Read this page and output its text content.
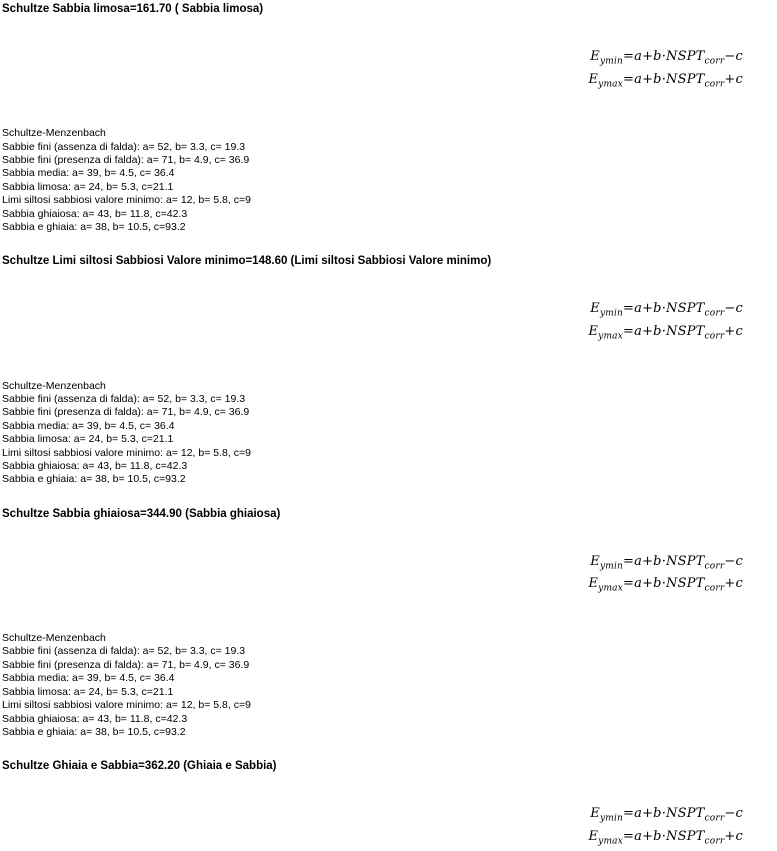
Schultze Sabbia limosa=161.70 ( Sabbia limosa)
$E_{ymin}=a+b\cdot NSPT_{corr}-c$
$E_{ymax}=a+b\cdot NSPT_{corr}+c$
Schultze-Menzenbach
Sabbie fini (assenza di falda): a= 52, b= 3.3, c= 19.3
Sabbie fini (presenza di falda): a= 71, b= 4.9, c= 36.9
Sabbia media: a= 39, b= 4.5, c= 36.4
Sabbia limosa: a= 24, b= 5.3, c=21.1
Limi siltosi sabbiosi valore minimo: a= 12, b= 5.8, c=9
Sabbia ghiaiosa: a= 43, b= 11.8, c=42.3
Sabbia e ghiaia: a= 38, b= 10.5, c=93.2
Schultze Limi siltosi Sabbiosi Valore minimo=148.60 (Limi siltosi Sabbiosi Valore minimo)
$E_{ymin}=a+b\cdot NSPT_{corr}-c$
$E_{ymax}=a+b\cdot NSPT_{corr}+c$
Schultze-Menzenbach
Sabbie fini (assenza di falda): a= 52, b= 3.3, c= 19.3
Sabbie fini (presenza di falda): a= 71, b= 4.9, c= 36.9
Sabbia media: a= 39, b= 4.5, c= 36.4
Sabbia limosa: a= 24, b= 5.3, c=21.1
Limi siltosi sabbiosi valore minimo: a= 12, b= 5.8, c=9
Sabbia ghiaiosa: a= 43, b= 11.8, c=42.3
Sabbia e ghiaia: a= 38, b= 10.5, c=93.2
Schultze Sabbia ghiaiosa=344.90 (Sabbia ghiaiosa)
$E_{ymin}=a+b\cdot NSPT_{corr}-c$
$E_{ymax}=a+b\cdot NSPT_{corr}+c$
Schultze-Menzenbach
Sabbie fini (assenza di falda): a= 52, b= 3.3, c= 19.3
Sabbie fini (presenza di falda): a= 71, b= 4.9, c= 36.9
Sabbia media: a= 39, b= 4.5, c= 36.4
Sabbia limosa: a= 24, b= 5.3, c=21.1
Limi siltosi sabbiosi valore minimo: a= 12, b= 5.8, c=9
Sabbia ghiaiosa: a= 43, b= 11.8, c=42.3
Sabbia e ghiaia: a= 38, b= 10.5, c=93.2
Schultze Ghiaia e Sabbia=362.20 (Ghiaia e Sabbia)
$E_{ymin}=a+b\cdot NSPT_{corr}-c$
$E_{ymax}=a+b\cdot NSPT_{corr}+c$
